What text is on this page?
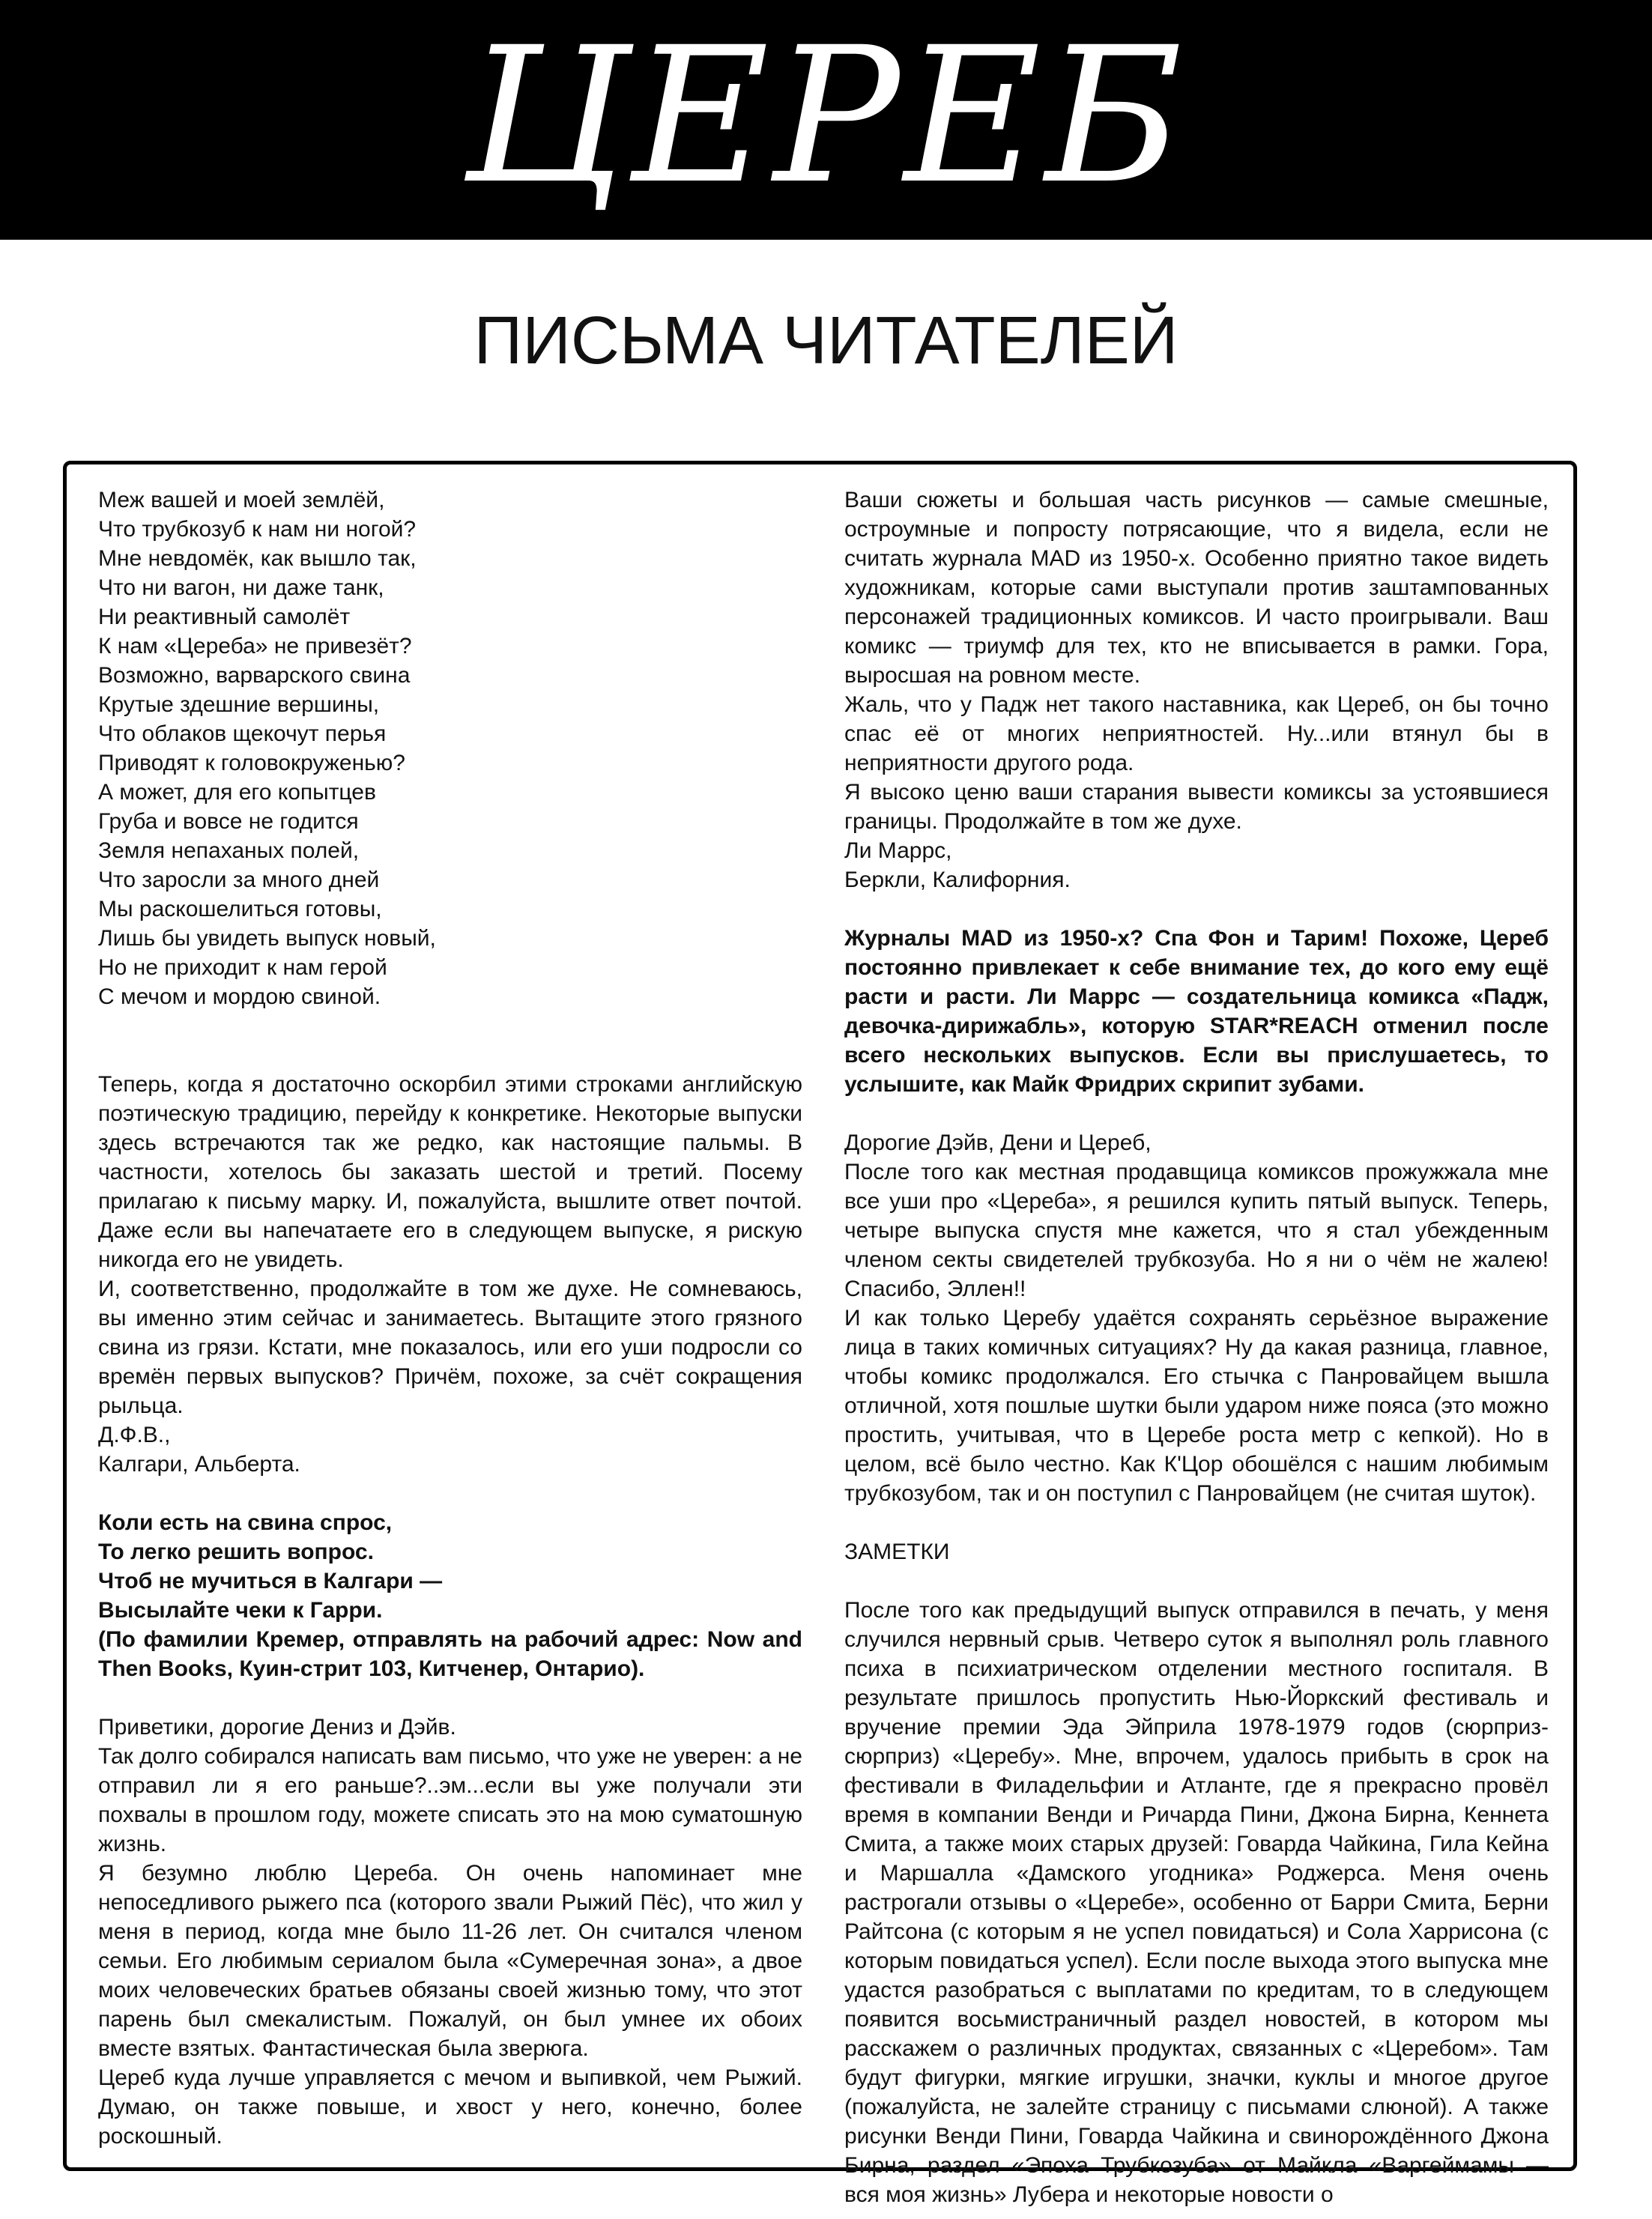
ЦЕРЕБ
ПИСЬМА ЧИТАТЕЛЕЙ

Меж вашей и моей землёй,

Что трубкозуб к нам ни ногой?

Мне невдомёк, как вышло так,

Что ни вагон, ни даже танк,

Ни реактивный самолёт

К нам «Цереба» не привезёт?

Возможно, варварского свина

Крутые здешние вершины,

Что облаков щекочут перья

Приводят к головокруженью?

А может, для его копытцев

Груба и вовсе не годится

Земля непаханых полей,

Что заросли за много дней

Мы раскошелиться готовы,

Лишь бы увидеть выпуск новый,

Но не приходит к нам герой

С мечом и мордою свиной.

Теперь, когда я достаточно оскорбил этими строками английскую поэтическую традицию, перейду к конкретике. Некоторые выпуски здесь встречаются так же редко, как настоящие пальмы. В частности, хотелось бы заказать шестой и третий. Посему прилагаю к письму марку. И, пожалуйста, вышлите ответ почтой. Даже если вы напечатаете его в следующем выпуске, я рискую никогда его не увидеть.

И, соответственно, продолжайте в том же духе. Не сомневаюсь, вы именно этим сейчас и занимаетесь. Вытащите этого грязного свина из грязи. Кстати, мне показалось, или его уши подросли со времён первых выпусков? Причём, похоже, за счёт сокращения рыльца.

Д.Ф.В.,

Калгари, Альберта.

Коли есть на свина спрос,

То легко решить вопрос.

Чтоб не мучиться в Калгари —

Высылайте чеки к Гарри.

(По фамилии Кремер, отправлять на рабочий адрес: Now and Then Books, Куин-стрит 103, Китченер, Онтарио).

Приветики, дорогие Дениз и Дэйв.

Так долго собирался написать вам письмо, что уже не уверен: а не отправил ли я его раньше?..эм...если вы уже получали эти похвалы в прошлом году, можете списать это на мою суматошную жизнь.

Я безумно люблю Цереба. Он очень напоминает мне непоседливого рыжего пса (которого звали Рыжий Пёс), что жил у меня в период, когда мне было 11-26 лет. Он считался членом семьи. Его любимым сериалом была «Сумеречная зона», а двое моих человеческих братьев обязаны своей жизнью тому, что этот парень был смекалистым. Пожалуй, он был умнее их обоих вместе взятых. Фантастическая была зверюга.

Цереб куда лучше управляется с мечом и выпивкой, чем Рыжий. Думаю, он также повыше, и хвост у него, конечно, более роскошный.

Ваши сюжеты и большая часть рисунков — самые смешные, остроумные и попросту потрясающие, что я видела, если не считать журнала MAD из 1950-х. Особенно приятно такое видеть художникам, которые сами выступали против заштампованных персонажей традиционных комиксов. И часто проигрывали. Ваш комикс — триумф для тех, кто не вписывается в рамки. Гора, выросшая на ровном месте.

Жаль, что у Падж нет такого наставника, как Цереб, он бы точно спас её от многих неприятностей. Ну...или втянул бы в неприятности другого рода.

Я высоко ценю ваши старания вывести комиксы за устоявшиеся границы. Продолжайте в том же духе.

Ли Маррс,

Беркли, Калифорния.

Журналы MAD из 1950-х? Спа Фон и Тарим! Похоже, Цереб постоянно привлекает к себе внимание тех, до кого ему ещё расти и расти. Ли Маррс — создательница комикса «Падж, девочка-дирижабль», которую STAR*REACH отменил после всего нескольких выпусков. Если вы прислушаетесь, то услышите, как Майк Фридрих скрипит зубами.

Дорогие Дэйв, Дени и Цереб,

После того как местная продавщица комиксов прожужжала мне все уши про «Цереба», я решился купить пятый выпуск. Теперь, четыре выпуска спустя мне кажется, что я стал убежденным членом секты свидетелей трубкозуба. Но я ни о чём не жалею! Спасибо, Эллен!!

И как только Церебу удаётся сохранять серьёзное выражение лица в таких комичных ситуациях? Ну да какая разница, главное, чтобы комикс продолжался. Его стычка с Панровайцем вышла отличной, хотя пошлые шутки были ударом ниже пояса (это можно простить, учитывая, что в Церебе роста метр с кепкой). Но в целом, всё было честно. Как К'Цор обошёлся с нашим любимым трубкозубом, так и он поступил с Панровайцем (не считая шуток).

ЗАМЕТКИ

После того как предыдущий выпуск отправился в печать, у меня случился нервный срыв. Четверо суток я выполнял роль главного психа в психиатрическом отделении местного госпиталя. В результате пришлось пропустить Нью-Йоркский фестиваль и вручение премии Эда Эйприла 1978-1979 годов (сюрприз-сюрприз) «Церебу». Мне, впрочем, удалось прибыть в срок на фестивали в Филадельфии и Атланте, где я прекрасно провёл время в компании Венди и Ричарда Пини, Джона Бирна, Кеннета Смита, а также моих старых друзей: Говарда Чайкина, Гила Кейна и Маршалла «Дамского угодника» Роджерса. Меня очень растрогали отзывы о «Церебе», особенно от Барри Смита, Берни Райтсона (с которым я не успел повидаться) и Сола Харрисона (с которым повидаться успел). Если после выхода этого выпуска мне удастся разобраться с выплатами по кредитам, то в следующем появится восьмистраничный раздел новостей, в котором мы расскажем о различных продуктах, связанных с «Церебом». Там будут фигурки, мягкие игрушки, значки, куклы и многое другое (пожалуйста, не залейте страницу с письмами слюной). А также рисунки Венди Пини, Говарда Чайкина и свинорождённого Джона Бирна, раздел «Эпоха Трубкозуба» от Майкла «Варгеймамы — вся моя жизнь» Лубера и некоторые новости о
